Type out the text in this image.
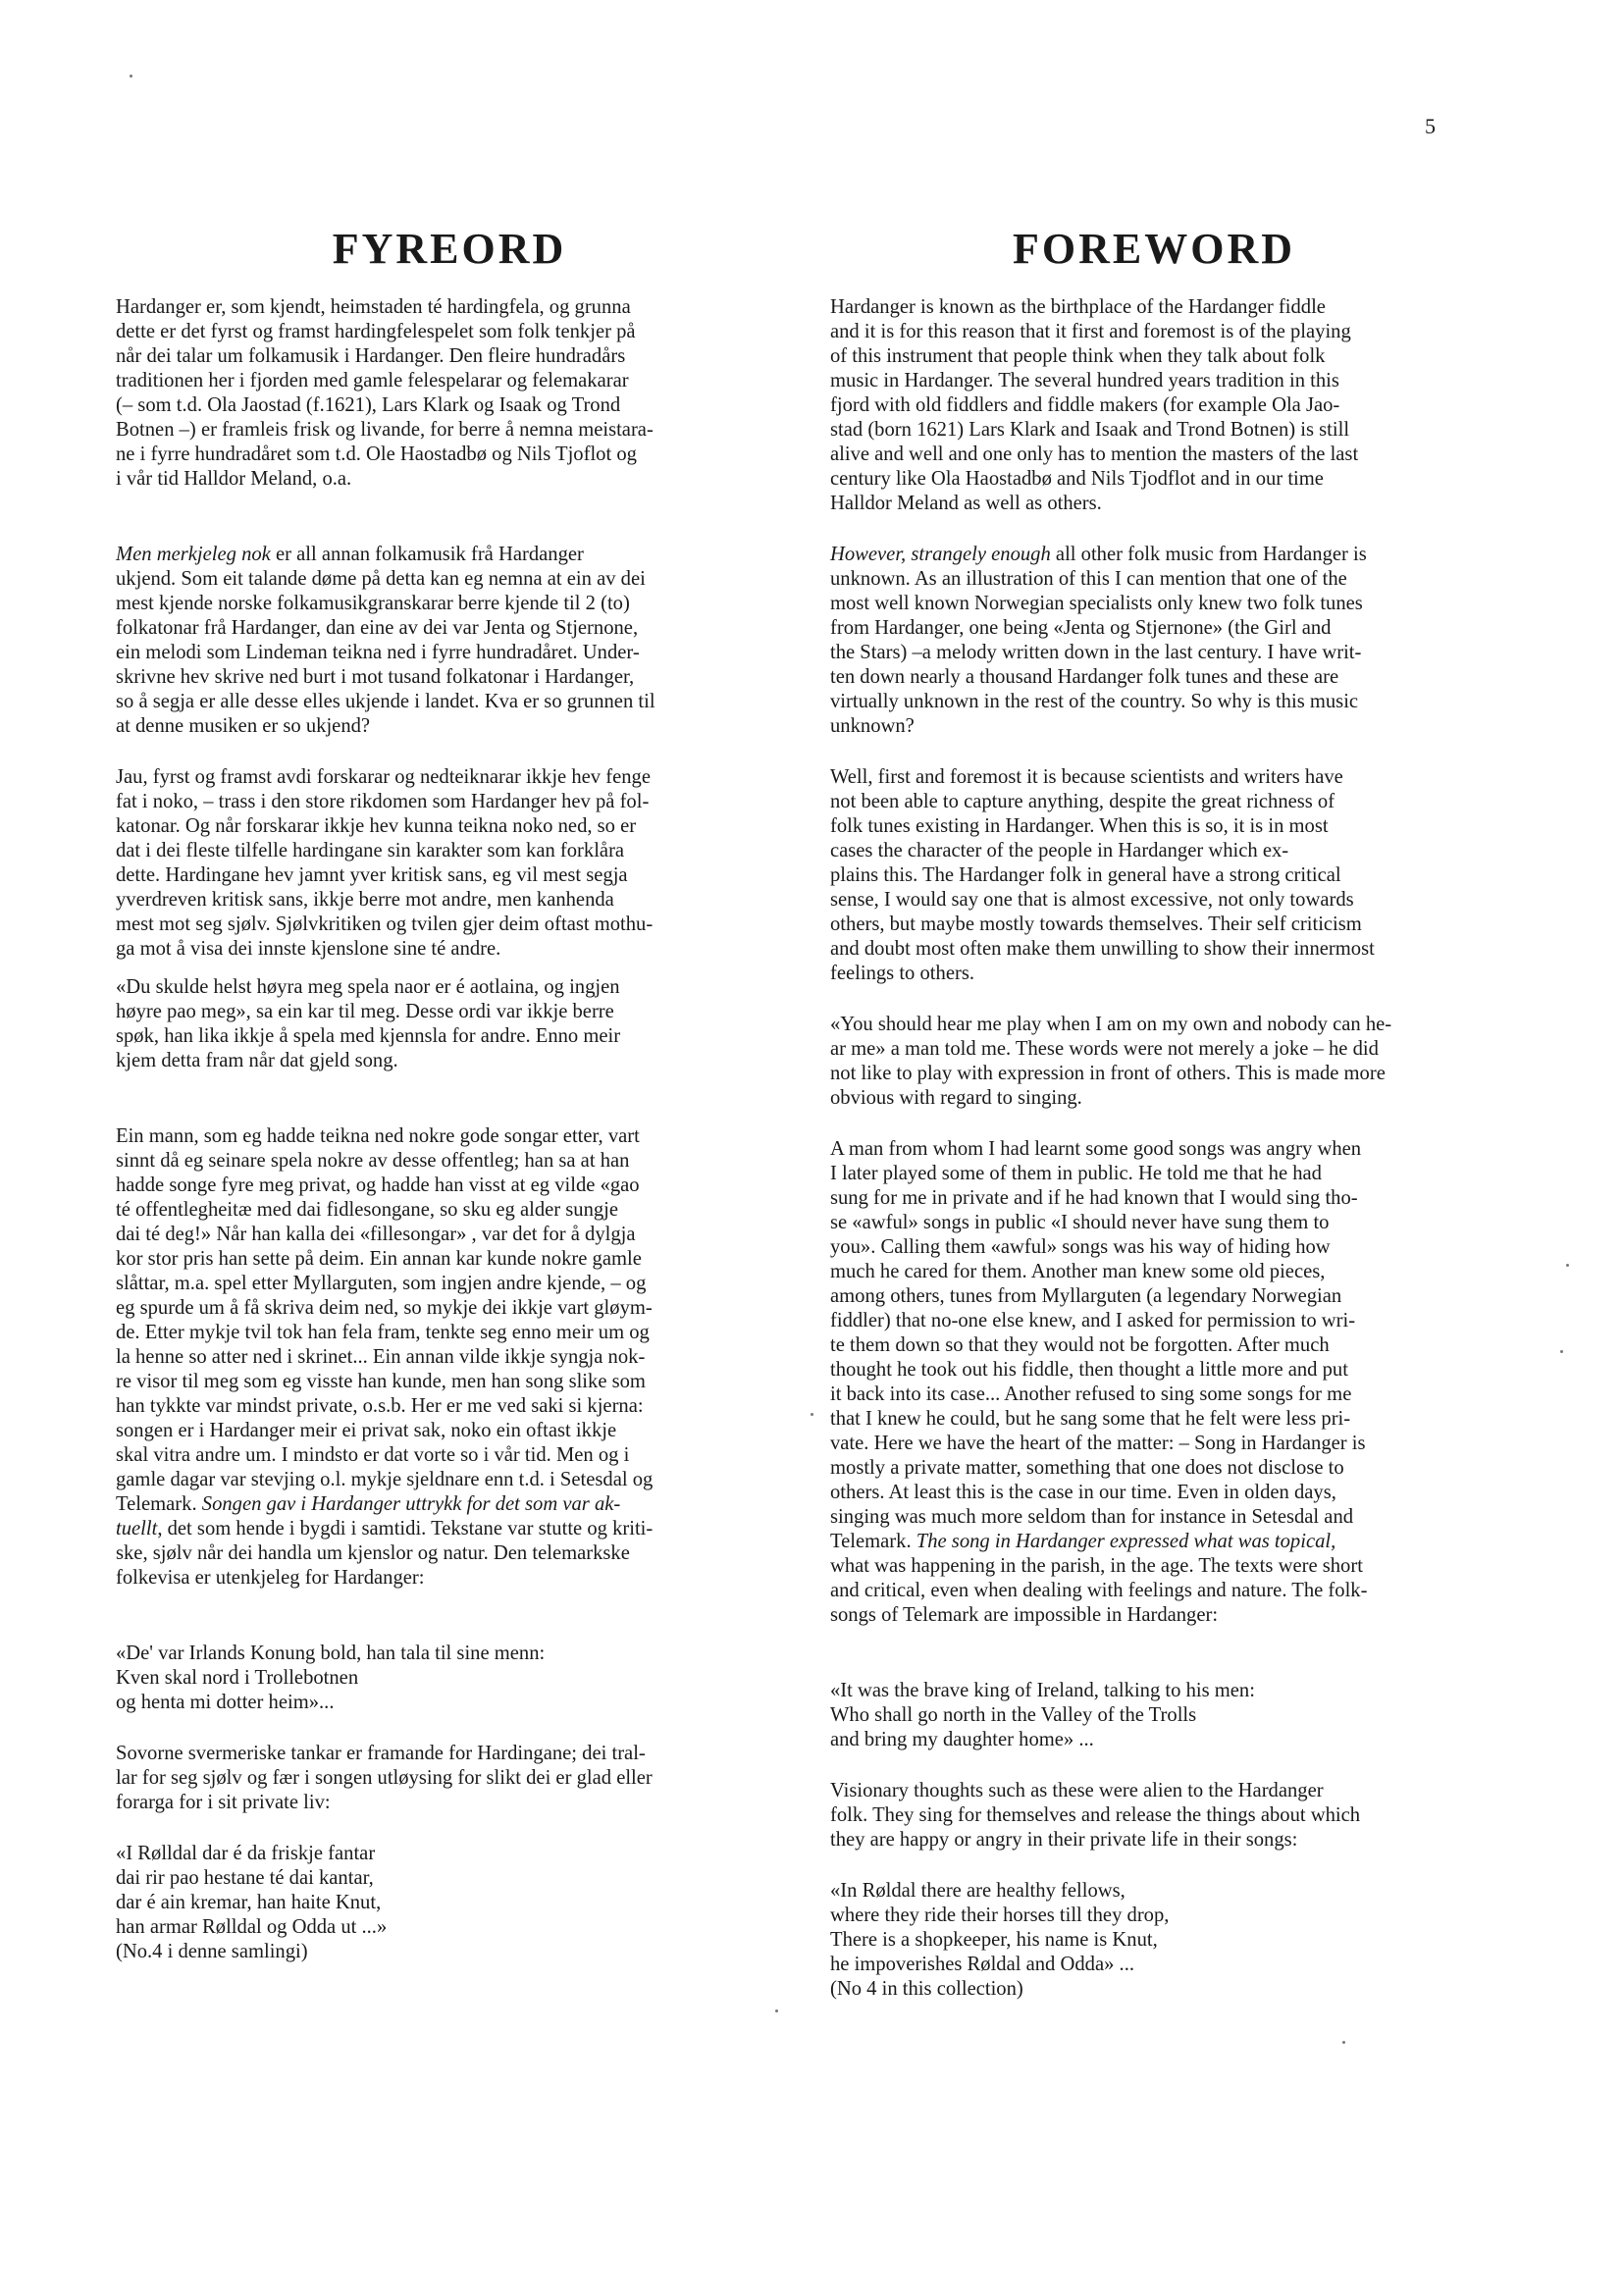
5
FYREORD

Hardanger er, som kjendt, heimstaden té hardingfela, og grunna
dette er det fyrst og framst hardingfelespelet som folk tenkjer på
når dei talar um folkamusik i Hardanger. Den fleire hundradårs
traditionen her i fjorden med gamle felespelarar og felemakarar
(– som t.d. Ola Jaostad (f.1621), Lars Klark og Isaak og Trond
Botnen –) er framleis frisk og livande, for berre å nemna meistara-
ne i fyrre hundradåret som t.d. Ole Haostadbø og Nils Tjoflot og
i vår tid Halldor Meland, o.a.

Men merkjeleg nok er all annan folkamusik frå Hardanger
ukjend. Som eit talande døme på detta kan eg nemna at ein av dei
mest kjende norske folkamusikgranskarar berre kjende til 2 (to)
folkatonar frå Hardanger, dan eine av dei var Jenta og Stjernone,
ein melodi som Lindeman teikna ned i fyrre hundradåret. Under-
skrivne hev skrive ned burt i mot tusand folkatonar i Hardanger,
so å segja er alle desse elles ukjende i landet. Kva er so grunnen til
at denne musiken er so ukjend?

Jau, fyrst og framst avdi forskarar og nedteiknarar ikkje hev fenge
fat i noko, – trass i den store rikdomen som Hardanger hev på fol-
katonar. Og når forskarar ikkje hev kunna teikna noko ned, so er
dat i dei fleste tilfelle hardingane sin karakter som kan forklåra
dette. Hardingane hev jamnt yver kritisk sans, eg vil mest segja
yverdreven kritisk sans, ikkje berre mot andre, men kanhenda
mest mot seg sjølv. Sjølvkritiken og tvilen gjer deim oftast mothu-
ga mot å visa dei innste kjenslone sine té andre.

«Du skulde helst høyra meg spela naor er é aotlaina, og ingjen
høyre pao meg», sa ein kar til meg. Desse ordi var ikkje berre
spøk, han lika ikkje å spela med kjennsla for andre. Enno meir
kjem detta fram når dat gjeld song.

Ein mann, som eg hadde teikna ned nokre gode songar etter, vart
sinnt då eg seinare spela nokre av desse offentleg; han sa at han
hadde songe fyre meg privat, og hadde han visst at eg vilde «gao
té offentlegheitæ med dai fidlesongane, so sku eg alder sungje
dai té deg!» Når han kalla dei «fillesongar» , var det for å dylgja
kor stor pris han sette på deim. Ein annan kar kunde nokre gamle
slåttar, m.a. spel etter Myllarguten, som ingjen andre kjende, – og
eg spurde um å få skriva deim ned, so mykje dei ikkje vart gløym-
de. Etter mykje tvil tok han fela fram, tenkte seg enno meir um og
la henne so atter ned i skrinet... Ein annan vilde ikkje syngja nok-
re visor til meg som eg visste han kunde, men han song slike som
han tykkte var mindst private, o.s.b. Her er me ved saki si kjerna:
songen er i Hardanger meir ei privat sak, noko ein oftast ikkje
skal vitra andre um. I mindsto er dat vorte so i vår tid. Men og i
gamle dagar var stevjing o.l. mykje sjeldnare enn t.d. i Setesdal og
Telemark. Songen gav i Hardanger uttrykk for det som var ak-
tuellt, det som hende i bygdi i samtidi. Tekstane var stutte og kriti-
ske, sjølv når dei handla um kjenslor og natur. Den telemarkske
folkevisa er utenkjeleg for Hardanger:

«De' var Irlands Konung bold, han tala til sine menn:
Kven skal nord i Trollebotnen
og henta mi dotter heim»...

Sovorne svermeriske tankar er framande for Hardingane; dei tral-
lar for seg sjølv og fær i songen utløysing for slikt dei er glad eller
forarga for i sit private liv:

«I Rølldal dar é da friskje fantar
dai rir pao hestane té dai kantar,
dar é ain kremar, han haite Knut,
han armar Rølldal og Odda ut ...»
(No.4 i denne samlingi)

FOREWORD

Hardanger is known as the birthplace of the Hardanger fiddle
and it is for this reason that it first and foremost is of the playing
of this instrument that people think when they talk about folk
music in Hardanger. The several hundred years tradition in this
fjord with old fiddlers and fiddle makers (for example Ola Jao-
stad (born 1621) Lars Klark and Isaak and Trond Botnen) is still
alive and well and one only has to mention the masters of the last
century like Ola Haostadbø and Nils Tjodflot and in our time
Halldor Meland as well as others.

However, strangely enough all other folk music from Hardanger is
unknown. As an illustration of this I can mention that one of the
most well known Norwegian specialists only knew two folk tunes
from Hardanger, one being «Jenta og Stjernone» (the Girl and
the Stars) –a melody written down in the last century. I have writ-
ten down nearly a thousand Hardanger folk tunes and these are
virtually unknown in the rest of the country. So why is this music
unknown?

Well, first and foremost it is because scientists and writers have
not been able to capture anything, despite the great richness of
folk tunes existing in Hardanger. When this is so, it is in most
cases the character of the people in Hardanger which ex-
plains this. The Hardanger folk in general have a strong critical
sense, I would say one that is almost excessive, not only towards
others, but maybe mostly towards themselves. Their self criticism
and doubt most often make them unwilling to show their innermost
feelings to others.

«You should hear me play when I am on my own and nobody can he-
ar me» a man told me. These words were not merely a joke – he did
not like to play with expression in front of others. This is made more
obvious with regard to singing.

A man from whom I had learnt some good songs was angry when
I later played some of them in public. He told me that he had
sung for me in private and if he had known that I would sing tho-
se «awful» songs in public «I should never have sung them to
you». Calling them «awful» songs was his way of hiding how
much he cared for them. Another man knew some old pieces,
among others, tunes from Myllarguten (a legendary Norwegian
fiddler) that no-one else knew, and I asked for permission to wri-
te them down so that they would not be forgotten. After much
thought he took out his fiddle, then thought a little more and put
it back into its case... Another refused to sing some songs for me
that I knew he could, but he sang some that he felt were less pri-
vate. Here we have the heart of the matter: – Song in Hardanger is
mostly a private matter, something that one does not disclose to
others. At least this is the case in our time. Even in olden days,
singing was much more seldom than for instance in Setesdal and
Telemark. The song in Hardanger expressed what was topical,
what was happening in the parish, in the age. The texts were short
and critical, even when dealing with feelings and nature. The folk-
songs of Telemark are impossible in Hardanger:

«It was the brave king of Ireland, talking to his men:
Who shall go north in the Valley of the Trolls
and bring my daughter home» ...

Visionary thoughts such as these were alien to the Hardanger
folk. They sing for themselves and release the things about which
they are happy or angry in their private life in their songs:

«In Røldal there are healthy fellows,
where they ride their horses till they drop,
There is a shopkeeper, his name is Knut,
he impoverishes Røldal and Odda» ...
(No 4 in this collection)
